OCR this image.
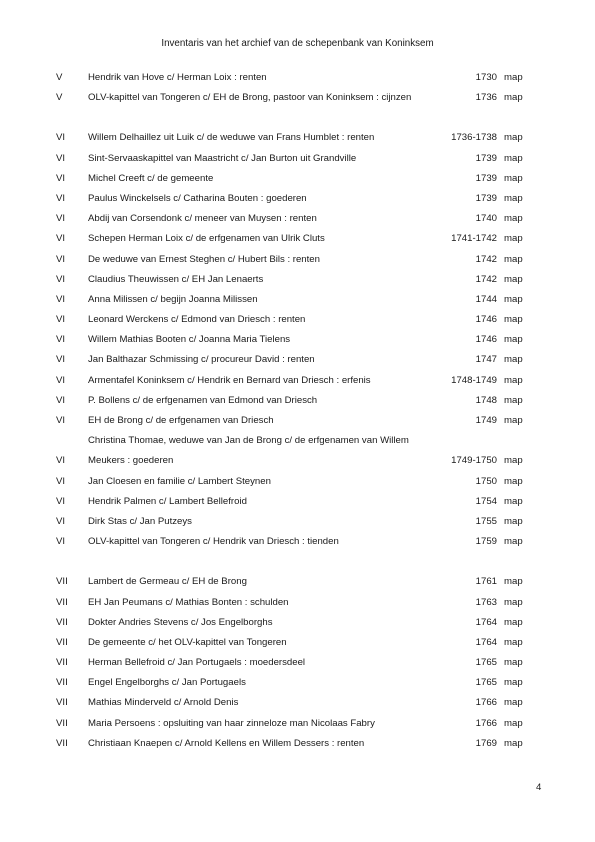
Inventaris van het archief van de schepenbank van Koninksem
V	Hendrik van Hove c/ Herman Loix : renten	1730 map
V	OLV-kapittel van Tongeren c/ EH de Brong, pastoor van Koninksem : cijnzen	1736 map
VI Willem Delhaillez uit Luik c/ de weduwe van Frans Humblet : renten	1736-1738 map
VI Sint-Servaaskapittel van Maastricht c/ Jan Burton uit Grandville	1739 map
VI Michel Creeft c/ de gemeente	1739 map
VI Paulus Winckelsels c/ Catharina Bouten : goederen	1739 map
VI Abdij van Corsendonk c/ meneer van Muysen : renten	1740 map
VI Schepen Herman Loix c/ de erfgenamen van Ulrik Cluts	1741-1742 map
VI De weduwe van Ernest Steghen c/ Hubert Bils : renten	1742 map
VI Claudius Theuwissen c/ EH Jan Lenaerts	1742 map
VI Anna Milissen c/ begijn Joanna Milissen	1744 map
VI Leonard Werckens c/ Edmond van Driesch : renten	1746 map
VI Willem Mathias Booten c/ Joanna Maria Tielens	1746 map
VI Jan Balthazar Schmissing c/ procureur David : renten	1747 map
VI Armentafel Koninksem c/ Hendrik en Bernard van Driesch : erfenis	1748-1749 map
VI P. Bollens c/ de erfgenamen van Edmond van Driesch	1748 map
VI EH de Brong c/ de erfgenamen van Driesch	1749 map
Christina Thomae, weduwe van Jan de Brong c/ de erfgenamen van Willem
VI Meukers : goederen	1749-1750 map
VI Jan Cloesen en familie c/ Lambert Steynen	1750 map
VI Hendrik Palmen c/ Lambert Bellefroid	1754 map
VI Dirk Stas c/ Jan Putzeys	1755 map
VI OLV-kapittel van Tongeren c/ Hendrik van Driesch : tienden	1759 map
VII Lambert de Germeau c/ EH de Brong	1761 map
VII EH Jan Peumans c/ Mathias Bonten : schulden	1763 map
VII Dokter Andries Stevens c/ Jos Engelborghs	1764 map
VII De gemeente c/ het OLV-kapittel van Tongeren	1764 map
VII Herman Bellefroid c/ Jan Portugaels : moedersdeel	1765 map
VII Engel Engelborghs c/ Jan Portugaels	1765 map
VII Mathias Minderveld c/ Arnold Denis	1766 map
VII Maria Persoens : opsluiting van haar zinneloze man Nicolaas Fabry	1766 map
VII Christiaan Knaepen c/ Arnold Kellens en Willem Dessers : renten	1769 map
4
